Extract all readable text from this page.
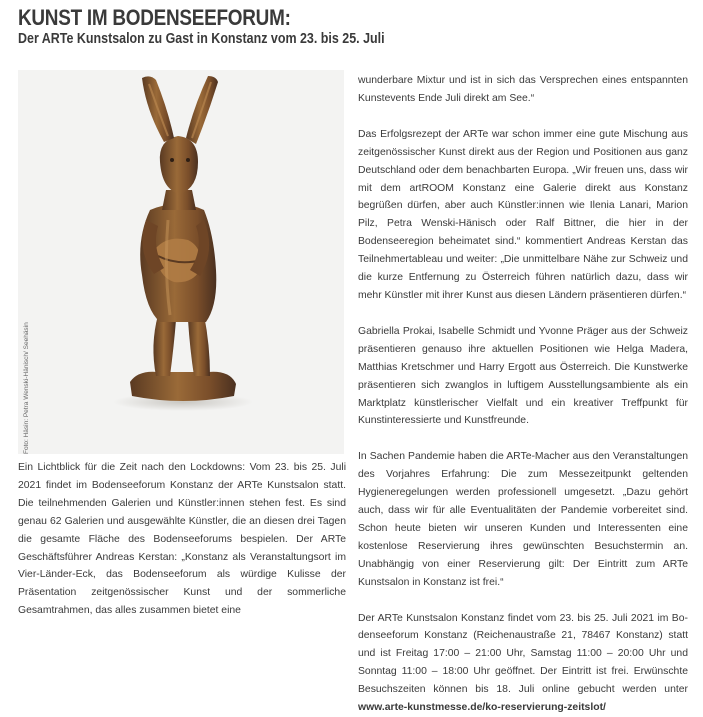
KUNST IM BODENSEEFORUM:
Der ARTe Kunstsalon zu Gast in Konstanz vom 23. bis 25. Juli
Foto: Häsin: Petra Wenski-Hänisch/ Seehäsin

Ein Lichtblick für die Zeit nach den Lockdowns: Vom 23. bis 25. Juli 2021 findet im Bodenseeforum Konstanz der ARTe Kunstsalon statt. Die teilnehmenden Galerien und Künstler:innen stehen fest. Es sind genau 62 Galerien und ausgewählte Künstler, die an diesen drei Tagen die gesamte Fläche des Bodenseeforums bespielen. Der ARTe Geschäftsführer Andreas Kerstan: „Konstanz als Veranstaltungsort im Vier-Länder-Eck, das Bodenseeforum als würdige Kulisse der Präsentation zeitgenössischer Kunst und der sommerliche Gesamtrahmen, das alles zusammen bietet eine

wunderbare Mixtur und ist in sich das Versprechen eines entspannten Kunstevents Ende Juli direkt am See.“

Das Erfolgsrezept der ARTe war schon immer eine gute Mischung aus zeitgenössischer Kunst direkt aus der Region und Positionen aus ganz Deutschland oder dem benachbarten Europa. „Wir freuen uns, dass wir mit dem artROOM Konstanz eine Galerie direkt aus Konstanz begrüßen dürfen, aber auch Künstler:innen wie Ilenia Lanari, Marion Pilz, Petra Wenski-Hänisch oder Ralf Bittner, die hier in der Bodenseeregion beheimatet sind.“ kommentiert Andreas Kerstan das Teilnehmertableau und weiter: „Die unmittelbare Nähe zur Schweiz und die kurze Entfernung zu Österreich führen natürlich dazu, dass wir mehr Künstler mit ihrer Kunst aus diesen Ländern präsentieren dürfen.“

Gabriella Prokai, Isabelle Schmidt und Yvonne Präger aus der Schweiz präsentieren genauso ihre aktuellen Positionen wie Helga Madera, Matthias Kretschmer und Harry Ergott aus Österreich. Die Kunstwerke präsentieren sich zwanglos in luftigem Ausstellungsambiente als ein Marktplatz künstlerischer Vielfalt und ein kreativer Treffpunkt für Kunstinteressierte und Kunstfreunde.

In Sachen Pandemie haben die ARTe-Macher aus den Veranstaltungen des Vorjahres Erfahrung: Die zum Messezeitpunkt geltenden Hygieneregelungen werden professionell umgesetzt. „Dazu gehört auch, dass wir für alle Eventualitäten der Pandemie vorbereitet sind. Schon heute bieten wir unseren Kunden und Interessenten eine kostenlose Reservierung ihres gewünschten Besuchstermin an. Unabhängig von einer Reservierung gilt: Der Eintritt zum ARTe Kunstsalon in Konstanz ist frei.“

Der ARTe Kunstsalon Konstanz findet vom 23. bis 25. Juli 2021 im Bodenseeforum Konstanz (Reichenaustraße 21, 78467 Konstanz) statt und ist Freitag 17:00 – 21:00 Uhr, Samstag 11:00 – 20:00 Uhr und Sonntag 11:00 – 18:00 Uhr geöffnet. Der Eintritt ist frei. Erwünschte Besuchszeiten können bis 18. Juli online gebucht werden unter www.arte-kunstmesse.de/ko-reservierung-zeitslot/
